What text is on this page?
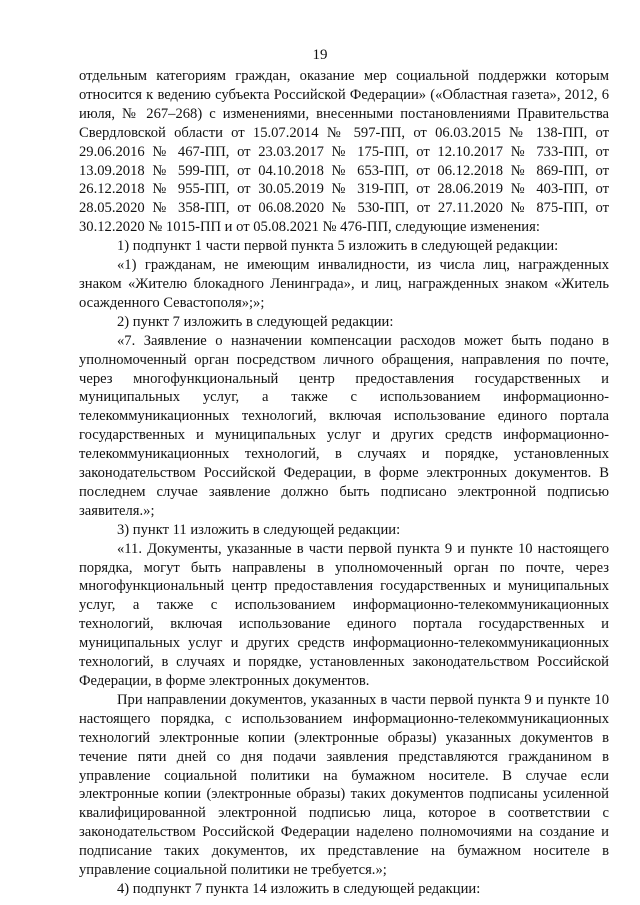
19

отдельным категориям граждан, оказание мер социальной поддержки которым относится к ведению субъекта Российской Федерации» («Областная газета», 2012, 6 июля, № 267–268) с изменениями, внесенными постановлениями Правительства Свердловской области от 15.07.2014 № 597-ПП, от 06.03.2015 № 138-ПП, от 29.06.2016 № 467-ПП, от 23.03.2017 № 175-ПП, от 12.10.2017 № 733-ПП, от 13.09.2018 № 599-ПП, от 04.10.2018 № 653-ПП, от 06.12.2018 № 869-ПП, от 26.12.2018 № 955-ПП, от 30.05.2019 № 319-ПП, от 28.06.2019 № 403-ПП, от 28.05.2020 № 358-ПП, от 06.08.2020 № 530-ПП, от 27.11.2020 № 875-ПП, от 30.12.2020 № 1015-ПП и от 05.08.2021 № 476-ПП, следующие изменения:

1) подпункт 1 части первой пункта 5 изложить в следующей редакции:

«1) гражданам, не имеющим инвалидности, из числа лиц, награжденных знаком «Жителю блокадного Ленинграда», и лиц, награжденных знаком «Житель осажденного Севастополя»;»;

2) пункт 7 изложить в следующей редакции:

«7. Заявление о назначении компенсации расходов может быть подано в уполномоченный орган посредством личного обращения, направления по почте, через многофункциональный центр предоставления государственных и муниципальных услуг, а также с использованием информационно-телекоммуникационных технологий, включая использование единого портала государственных и муниципальных услуг и других средств информационно-телекоммуникационных технологий, в случаях и порядке, установленных законодательством Российской Федерации, в форме электронных документов. В последнем случае заявление должно быть подписано электронной подписью заявителя.»;

3) пункт 11 изложить в следующей редакции:

«11. Документы, указанные в части первой пункта 9 и пункте 10 настоящего порядка, могут быть направлены в уполномоченный орган по почте, через многофункциональный центр предоставления государственных и муниципальных услуг, а также с использованием информационно-телекоммуникационных технологий, включая использование единого портала государственных и муниципальных услуг и других средств информационно-телекоммуникационных технологий, в случаях и порядке, установленных законодательством Российской Федерации, в форме электронных документов.

При направлении документов, указанных в части первой пункта 9 и пункте 10 настоящего порядка, с использованием информационно-телекоммуникационных технологий электронные копии (электронные образы) указанных документов в течение пяти дней со дня подачи заявления представляются гражданином в управление социальной политики на бумажном носителе. В случае если электронные копии (электронные образы) таких документов подписаны усиленной квалифицированной электронной подписью лица, которое в соответствии с законодательством Российской Федерации наделено полномочиями на создание и подписание таких документов, их представление на бумажном носителе в управление социальной политики не требуется.»;

4) подпункт 7 пункта 14 изложить в следующей редакции:
